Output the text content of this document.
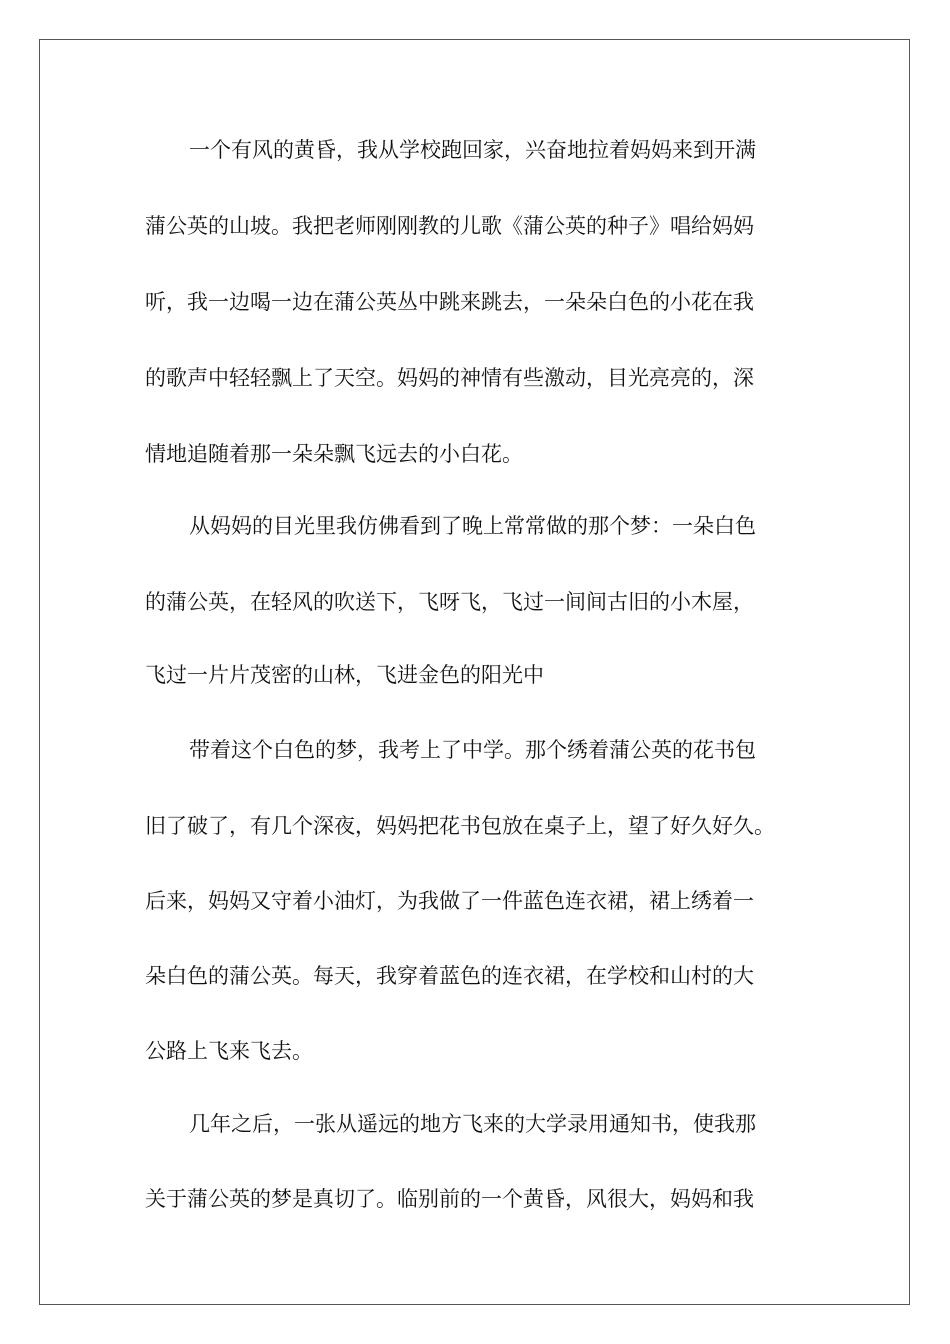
一个有风的黄昏，我从学校跑回家，兴奋地拉着妈妈来到开满
蒲公英的山坡。我把老师刚刚教的儿歌《蒲公英的种子》唱给妈妈
听，我一边喝一边在蒲公英丛中跳来跳去，一朵朵白色的小花在我
的歌声中轻轻飘上了天空。妈妈的神情有些激动，目光亮亮的，深
情地追随着那一朵朵飘飞远去的小白花。
从妈妈的目光里我仿佛看到了晚上常常做的那个梦：一朵白色
的蒲公英，在轻风的吹送下，飞呀飞，飞过一间间古旧的小木屋，
飞过一片片茂密的山林，飞进金色的阳光中
带着这个白色的梦，我考上了中学。那个绣着蒲公英的花书包
旧了破了，有几个深夜，妈妈把花书包放在桌子上，望了好久好久。
后来，妈妈又守着小油灯，为我做了一件蓝色连衣裙，裙上绣着一
朵白色的蒲公英。每天，我穿着蓝色的连衣裙，在学校和山村的大
公路上飞来飞去。
几年之后，一张从遥远的地方飞来的大学录用通知书，使我那
关于蒲公英的梦是真切了。临别前的一个黄昏，风很大，妈妈和我
